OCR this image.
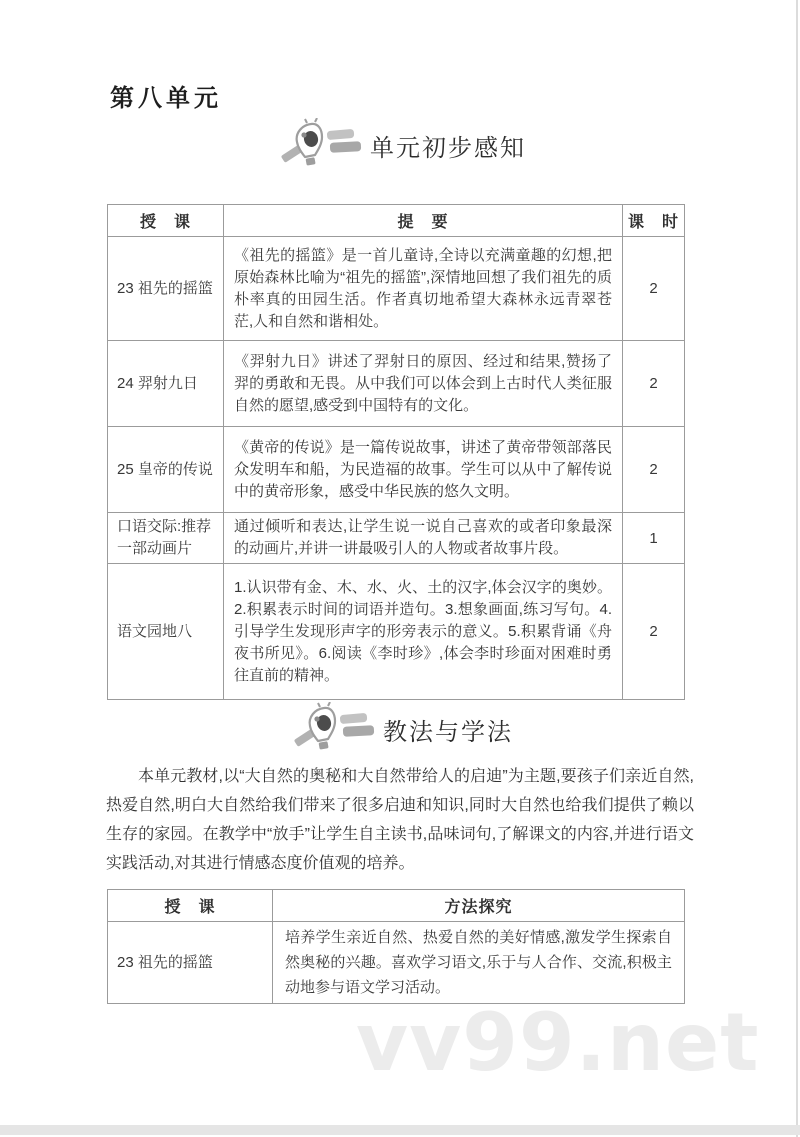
vv99.net
第八单元
单元初步感知
授　课	提　要	课　时
23 祖先的摇篮	《祖先的摇篮》是一首儿童诗,全诗以充满童趣的幻想,把原始森林比喻为“祖先的摇篮”,深情地回想了我们祖先的质朴率真的田园生活。作者真切地希望大森林永远青翠苍茫,人和自然和谐相处。	2
24 羿射九日	《羿射九日》讲述了羿射日的原因、经过和结果,赞扬了羿的勇敢和无畏。从中我们可以体会到上古时代人类征服自然的愿望,感受到中国特有的文化。	2
25 皇帝的传说	《黄帝的传说》是一篇传说故事，讲述了黄帝带领部落民众发明车和船，为民造福的故事。学生可以从中了解传说中的黄帝形象，感受中华民族的悠久文明。	2
口语交际:推荐一部动画片	通过倾听和表达,让学生说一说自己喜欢的或者印象最深的动画片,并讲一讲最吸引人的人物或者故事片段。	1
语文园地八	1.认识带有金、木、水、火、土的汉字,体会汉字的奥妙。2.积累表示时间的词语并造句。3.想象画面,练习写句。4.引导学生发现形声字的形旁表示的意义。5.积累背诵《舟夜书所见》。6.阅读《李时珍》,体会李时珍面对困难时勇往直前的精神。	2
教法与学法

本单元教材,以“大自然的奥秘和大自然带给人的启迪”为主题,要孩子们亲近自然,热爱自然,明白大自然给我们带来了很多启迪和知识,同时大自然也给我们提供了赖以生存的家园。在教学中“放手”让学生自主读书,品味词句,了解课文的内容,并进行语文实践活动,对其进行情感态度价值观的培养。

授　课	方法探究
23 祖先的摇篮	培养学生亲近自然、热爱自然的美好情感,激发学生探索自然奥秘的兴趣。喜欢学习语文,乐于与人合作、交流,积极主动地参与语文学习活动。
